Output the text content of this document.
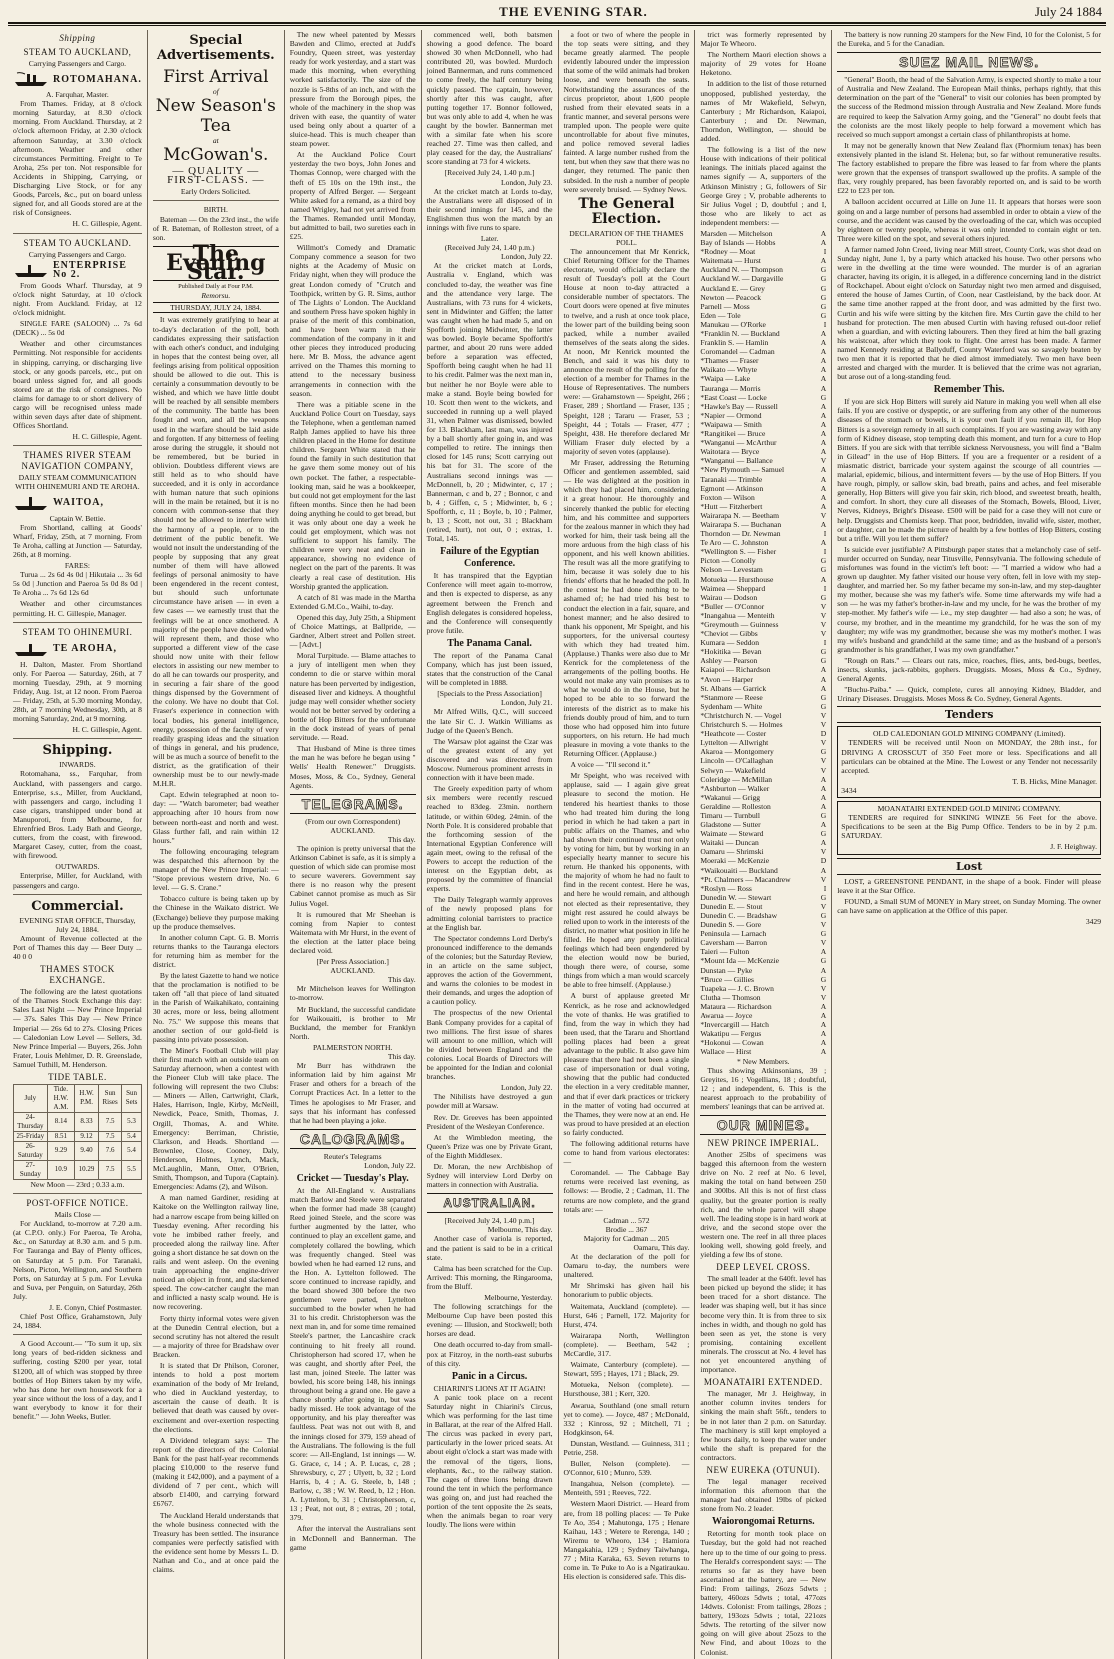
THE EVENING STAR.	July 24 1884
Shipping
STEAM TO AUCKLAND,
Carrying Passengers and Cargo.
ROTOMAHANA.
A. Farquhar, Master.

From Thames. Friday, at 8 o'clock morning Saturday, at 8.30 o'clock morning. From Auckland. Thursday, at 2 o'clock afternoon Friday, at 2.30 o'clock afternoon Saturday, at 3.30 o'clock afternoon. Weather and other circumstances Permitting. Freight to Te Aroha, 25s per ton. Not responsible for Accidents in Shipping, Carrying, or Discharging Live Stock, or for any Goods, Parcels, &c., put on board unless signed for, and all Goods stored are at the risk of Consignees.

H. C. Gillespie, Agent.
STEAM TO AUCKLAND.
Carrying Passengers and Cargo.
ENTERPRISE No 2.

From Goods Wharf. Thursday, at 9 o'clock night Saturday, at 10 o'clock night. From Auckland. Friday, at 12 o'clock midnight.

SINGLE FARE (SALOON) ... 7s 6d (DECK) ... 5s 0d

Weather and other circumstances Permitting. Not responsible for accidents in shipping, carrying, or discharging live stock, or any goods parcels, etc., put on board unless signed for, and all goods stored are at the risk of consignees. No claims for damage to or short delivery of cargo will be recognised unless made within seven days after date of shipment. Offices Shortland.

H. C. Gillespie, Agent.
THAMES RIVER STEAM NAVIGATION COMPANY,
DAILY STEAM COMMUNICATION WITH OHINEMURI AND TE AROHA.
WAITOA,
Captain W. Bettie.

From Shortland, calling at Goods' Wharf, Friday, 25th, at 7 morning. From Te Aroha, calling at Junction — Saturday, 26th, at 8 morning.

FARES:

Turua ... 2s 6d 4s 0d | Hikutaia ... 3s 6d 5s 0d | Junction and Paeroa 5s 0d 8s 0d | Te Aroha ... 7s 6d 12s 6d

Weather and other circumstances permitting. H. C. Gillespie, Manager.

STEAM TO OHINEMURI.
TE AROHA,

H. Dalton, Master. From Shortland only. For Paeroa — Saturday, 26th, at 7 morning Tuesday, 29th, at 9 morning Friday, Aug. 1st, at 12 noon. From Paeroa — Friday, 25th, at 5.30 morning Monday, 28th, at 7 morning Wednesday, 30th, at 8 morning Saturday, 2nd, at 9 morning.

H. C. Gillespie, Agent.
Shipping.
INWARDS.

Rotomahana, ss., Farquhar, from Auckland, with passengers and cargo. Enterprise, s.s., Miller, from Auckland, with passengers and cargo, including 1 case cigars, transhipped under bond at Manuporoti, from Melbourne, for Ehrenfried Bros. Lady Bath and George, cutters, from the coast, with firewood. Margaret Casey, cutter, from the coast, with firewood.

OUTWARDS.

Enterprise, Miller, for Auckland, with passengers and cargo.

Commercial.
EVENING STAR OFFICE, Thursday, July 24, 1884.

Amount of Revenue collected at the Port of Thames this day — Beer Duty ... 40 0 0

THAMES STOCK EXCHANGE.

The following are the latest quotations of the Thames Stock Exchange this day: Sales Last Night — New Prince Imperial — 37s. Sales This Day — New Prince Imperial — 26s 6d to 27s. Closing Prices — Caledonian Low Level — Sellers, 3d. New Prince Imperial — Buyers, 26s. John Frater, Louis Mehlmer, D. R. Greenslade, Samuel Tuthill, M. Henderson.

TIDE TABLE.
July	Tide. H.W. A.M.	H.W. P.M.	Sun Rises	Sun Sets
24-Thursday	8.14	8.33	7.5	5.3
25-Friday	8.51	9.12	7.5	5.4
26-Saturday	9.29	9.40	7.6	5.4
27-Sunday	10.9	10.29	7.5	5.5
New Moon — 23rd ; 0.33 a.m.
POST-OFFICE NOTICE.
Mails Close —

For Auckland, to-morrow at 7.20 a.m. (at C.P.O. only.) For Paeroa, Te Aroha, &c., on Saturday at 8.30 a.m. and 5 p.m. For Tauranga and Bay of Plenty offices, on Saturday at 5 p.m. For Taranaki, Nelson, Picton, Wellington, and Southern Ports, on Saturday at 5 p.m. For Levuka and Suva, per Penguin, on Saturday, 26th July.

J. E. Conyn, Chief Postmaster.

Chief Post Office, Grahamstown, July 24, 1884.

A Good Account.— "To sum it up, six long years of bed-ridden sickness and suffering, costing $200 per year, total $1200, all of which was stopped by three bottles of Hop Bitters taken by my wife, who has done her own housework for a year since without the loss of a day, and I want everybody to know it for their benefit." — John Weeks, Butler.

Special Advertisements.
First Arrival
of
New Season's Tea
at
McGowan's.
— QUALITY — FIRST-CLASS. —
Early Orders Solicited.
BIRTH.

Bateman — On the 23rd inst., the wife of R. Bateman, of Rolleston street, of a son.

The Evening Star.
Published Daily at Four P.M.
Remorsu.
THURSDAY, JULY 24, 1884.

It was extremely gratifying to hear at to-day's declaration of the poll, both candidates expressing their satisfaction with each other's conduct, and indulging in hopes that the contest being over, all feelings arising from political opposition should be allowed to die out. This is certainly a consummation devoutly to be wished, and which we have little doubt will be reached by all sensible members of the community. The battle has been fought and won, and all the weapons used in the warfare should be laid aside and forgotten. If any bitterness of feeling arose during the struggle, it should not be remembered, but be buried in oblivion. Doubtless different views are still held as to who should have succeeded, and it is only in accordance with human nature that such opinions will in the main be retained, but it is no concern with common-sense that they should not be allowed to interfere with the harmony of a people, or to the detriment of the public benefit. We would not insult the understanding of the people by supposing that any great number of them will have allowed feelings of personal animosity to have been engendered in the recent contest, but should such unfortunate circumstance have arisen — in even a few cases — we earnestly trust that the feelings will be at once smothered. A majority of the people have decided who will represent them, and those who supported a different view of the case should now unite with their fellow electors in assisting our new member to do all he can towards our prosperity, and in securing a fair share of the good things dispensed by the Government of the colony. We have no doubt that Col. Fraser's experience in connection with local bodies, his general intelligence, energy, possession of the faculty of very readily grasping ideas and the situation of things in general, and his prudence, will be as much a source of benefit to the district, as the gratification of their ownership must be to our newly-made M.H.R.

Capt. Edwin telegraphed at noon to-day: — "Watch barometer; bad weather approaching after 10 hours from now between north-east and north and west. Glass further fall, and rain within 12 hours."

The following encouraging telegram was despatched this afternoon by the manager of the New Prince Imperial: — "Stope previous western drive, No. 6 level. — G. S. Crane."

Tobacco culture is being taken up by the Chinese in the Waikato district. We (Exchange) believe they purpose making up the produce themselves.

In another column Capt. G. B. Morris returns thanks to the Tauranga electors for returning him as member for the district.

By the latest Gazette to hand we notice that the proclamation is notified to be taken off "all that piece of land situated in the Parish of Waikahikato, containing 30 acres, more or less, being allotment No. 75." We suppose this means that another section of our gold-field is passing into private possession.

The Miner's Football Club will play their first match with an outside team on Saturday afternoon, when a contest with the Pioneer Club will take place. The following will represent the two Clubs: — Miners — Allen, Cartwright, Clark, Hales, Harrison, Ingle, Kirby, McNeill, Newdick, Peace, Smith, Thomas, J. Orgill, Thomas, A. and White. Emergency: Berriman, Christie, Clarkson, and Heads. Shortland — Brownlee, Close, Cooney, Daly, Henderson, Holmes, Lynch, Mack, McLaughlin, Mann, Otter, O'Brien, Smith, Thompson, and Tupora (Captain). Emergencies: Adams (2), and Wilson.

A man named Gardiner, residing at Kaitoke on the Wellington railway line, had a narrow escape from being killed on Tuesday evening. After recording his vote he imbibed rather freely, and proceeded along the railway line. After going a short distance he sat down on the rails and went asleep. On the evening train approaching the engine-driver noticed an object in front, and slackened speed. The cow-catcher caught the man and inflicted a nasty scalp wound. He is now recovering.

Forty thirty informal votes were given at the Dunedin Central election, but a second scrutiny has not altered the result — a majority of three for Bradshaw over Bracken.

It is stated that Dr Philson, Coroner, intends to hold a post mortem examination of the body of Mr Ireland, who died in Auckland yesterday, to ascertain the cause of death. It is believed that death was caused by over-excitement and over-exertion respecting the elections.

A Dividend telegram says: — The report of the directors of the Colonial Bank for the past half-year recommends placing £10,000 to the reserve fund (making it £42,000), and a payment of a dividend of 7 per cent., which will absorb £1400, and carrying forward £6767.

The Auckland Herald understands that the whole business connected with the Treasury has been settled. The insurance companies were perfectly satisfied with the evidence sent home by Messrs L. D. Nathan and Co., and at once paid the claims.

The new wheel patented by Messrs Bawden and Climo, erected at Judd's Foundry, Queen street, was yesterday ready for work yesterday, and a start was made this morning, when everything worked satisfactorily. The size of the nozzle is 5-8ths of an inch, and with the pressure from the Borough pipes, the whole of the machinery in the shop was driven with ease, the quantity of water used being only about a quarter of a sluice-head. This is much cheaper than steam power.

At the Auckland Police Court yesterday the two boys, John Jones and Thomas Connop, were charged with the theft of £5 10s on the 19th inst., the property of Alfred Berger. — Sergeant White asked for a remand, as a third boy named Wrigley, had not yet arrived from the Thames. Remanded until Monday, but admitted to bail, two sureties each in £25.

Willmott's Comedy and Dramatic Company commence a season for two nights at the Academy of Music on Friday night, when they will produce the great London comedy of "Crutch and Toothpick, written by G. R. Sims, author of The Lights o' London. The Auckland and southern Press have spoken highly in praise of the merit of this combination, and have been warm in their commendation of the company in it and other pieces they introduced producing here. Mr B. Moss, the advance agent arrived on the Thames this morning to attend to the necessary business arrangements in connection with the season.

There was a pitiable scene in the Auckland Police Court on Tuesday, says the Telephone, when a gentleman named Ralph James applied to have his three children placed in the Home for destitute children. Sergeant White stated that he found the family in such destitution that he gave them some money out of his own pocket. The father, a respectable-looking man, said he was a bookkeeper, but could not get employment for the last fifteen months. Since then he had been doing anything he could to get bread, but it was only about one day a week he could get employment, which was not sufficient to support his family. The children were very neat and clean in appearance, showing no evidence of neglect on the part of the parents. It was clearly a real case of destitution. His Worship granted the application.

A catch of 81 was made in the Martha Extended G.M.Co., Waihi, to-day.

Opened this day, July 25th, a Shipment of Choice Mattings, at Ballpride, — Gardner, Albert street and Pollen street. — [Advt.]

Moral Turpitude. — Blame attaches to a jury of intelligent men when they condemn to die or starve within moral nature has been perverted by indigestion, diseased liver and kidneys. A thoughtful judge may well consider whether society would not be better served by ordering a bottle of Hop Bitters for the unfortunate in the dock instead of years of penal servitude. — Read.

That Husband of Mine is three times the man he was before he began using " Wells' Health Renewer." Druggists. Moses, Moss, & Co., Sydney, General Agents.

TELEGRAMS.
(From our own Correspondent)
AUCKLAND.
This day.

The opinion is pretty universal that the Atkinson Cabinet is safe, as it is simply a question of which side can promise most to secure waverers. Government say there is no reason why the present Cabinet cannot promise as much as Sir Julius Vogel.

It is rumoured that Mr Sheehan is coming from Napier to contest Waitemata with Mr Hurst, in the event of the election at the latter place being declared void.

[Per Press Association.]
AUCKLAND.
This day.

Mr Mitchelson leaves for Wellington to-morrow.

Mr Buckland, the successful candidate for Waikouaiti, is brother to Mr Buckland, the member for Franklyn North.

PALMERSTON NORTH.
This day.

Mr Burr has withdrawn the information laid by him against Mr Fraser and others for a breach of the Corrupt Practices Act. In a letter to the Times he apologises to Mr Fraser, and says that his informant has confessed that he had been playing a joke.

CALOGRAMS.
Reuter's Telegrams
London, July 22.
Cricket — Tuesday's Play.

At the All-England v. Australians match Barlow and Steele were separated when the former had made 38 (caught) Reed joined Steele, and the score was further augmented by the latter, who continued to play an excellent game, and completely collared the bowling, which was frequently changed. Steel was bowled when he had earned 12 runs, and the Hon. A. Lyttelton followed. The score continued to increase rapidly, and the board showed 300 before the two gentlemen were parted, Lyttelton succumbed to the bowler when he had 31 to his credit. Christopherson was the next man in, and for some time remained Steele's partner, the Lancashire crack continuing to hit freely all round. Christopherson had scored 17, when he was caught, and shortly after Peel, the last man, joined Steele. The latter was bowled, his score being 148, his innings throughout being a grand one. He gave a chance shortly after going in, but was badly missed. He took advantage of the opportunity, and his play thereafter was faultless. Peat was not out with 8, and the innings closed for 379, 159 ahead of the Australians. The following is the full score: — All-England, 1st innings — W. G. Grace, c, 14 ; A. P. Lucas, c, 28 ; Shrewsbury, c, 27 ; Ulyett, b, 32 ; Lord Harris, b, 4 ; A. G. Steele, b, 148 ; Barlow, c, 38 ; W. W. Reed, b, 12 ; Hon. A. Lyttelton, b, 31 ; Christopherson, c, 13 ; Peat, not out, 8 ; extras, 20 ; total, 379.

After the interval the Australians sent in McDonnell and Bannerman. The game

commenced well, both batsmen showing a good defence. The board showed 30 when McDonnell, who had contributed 20, was bowled. Murdoch joined Bannerman, and runs commenced to come freely, the half century being quickly passed. The captain, however, shortly after this was caught, after putting together 17. Bonnor followed, but was only able to add 4, when he was caught by the bowler. Bannerman met with a similar fate when his score reached 27. Time was then called, and play ceased for the day, the Australians' score standing at 73 for 4 wickets.

[Received July 24, 1.40 p.m.]
London, July 23.

At the cricket match at Lords to-day, the Australians were all disposed of in their second innings for 145, and the Englishmen thus won the match by an innings with five runs to spare.

Later.
(Received July 24, 1.40 p.m.)
London, July 22.

At the cricket match at Lords, Australia v. England, which was concluded to-day, the weather was fine and the attendance very large. The Australians, with 73 runs for 4 wickets, sent in Midwinter and Giffen; the latter was caught when he had made 5, and on Spofforth joining Midwinter, the latter was bowled. Boyle became Spofforth's partner, and about 20 runs were added before a separation was effected, Spofforth being caught when he had 11 to his credit. Palmer was the next man in, but neither he nor Boyle were able to make a stand. Boyle being bowled for 10. Scott then went to the wickets, and succeeded in running up a well played 31, when Palmer was dismissed, bowled for 13. Blackham, last man, was injured by a ball shortly after going in, and was compelled to retire. The innings then closed for 145 runs; Scott carrying out his bat for 31. The score of the Australians second innings was — McDonnell, b, 20 ; Midwinter, c, 17 ; Bannerman, c and b, 27 ; Bonnor, c and b, 4 ; Giffen, c, 5 ; Midwinter, b, 6 ; Spofforth, c, 11 ; Boyle, b, 10 ; Palmer, b, 13 ; Scott, not out, 31 ; Blackham (retired, hurt), not out, 0 ; extras, 1. Total, 145.

Failure of the Egyptian Conference.

It has transpired that the Egyptian Conference will meet again to-morrow, and then is expected to disperse, as any agreement between the French and English delegates is considered hopeless, and the Conference will consequently prove futile.

The Panama Canal.

The report of the Panama Canal Company, which has just been issued, states that the construction of the Canal will be completed in 1888.

[Specials to the Press Association]
London, July 21.

Mr Alfred Wills, Q.C., will succeed the late Sir C. J. Watkin Williams as Judge of the Queen's Bench.

The Warsaw plot against the Czar was of the greatest extent of any yet discovered and was directed from Moscow. Numerous prominent arrests in connection with it have been made.

The Greely expedition party of whom six members were recently rescued reached to 83deg. 23min. northern latitude, or within 60deg. 24min. of the North Pole. It is considered probable that the forthcoming session of the International Egyptian Conference will again meet, owing to the refusal of the Powers to accept the reduction of the interest on the Egyptian debt, as proposed by the committee of financial experts.

The Daily Telegraph warmly approves of the newly proposed plans for admitting colonial barristers to practice at the English bar.

The Spectator condemns Lord Derby's pronounced indifference to the demands of the colonies; but the Saturday Review, in an article on the same subject, approves the action of the Government, and warns the colonies to be modest in their demands, and urges the adoption of a caution policy.

The prospectus of the new Oriental Bank Company provides for a capital of two millions. The first issue of shares will amount to one million, which will be divided between England and the colonies. Local Boards of Directors will be appointed for the Indian and colonial branches.

London, July 22.

The Nihilists have destroyed a gun powder mill at Warsaw.

Rev. Dr. Greeves has been appointed President of the Wesleyan Conference.

At the Wimbledon meeting, the Queen's Prize was one by Private Grant, of the Eighth Middlesex.

Dr. Moran, the new Archbishop of Sydney will interview Lord Derby on matters in connection with Australia.

AUSTRALIAN.
[Received July 24, 1.40 p.m.]
Melbourne, This day.

Another case of variola is reported, and the patient is said to be in a critical state.

Calma has been scratched for the Cup. Arrived: This morning, the Ringarooma, from the Bluff.

Melbourne, Yesterday.

The following scratchings for the Melbourne Cup have been posted this evening: — Illusion, and Stockwell; both horses are dead.

One death occurred to-day from small-pox at Fitzroy, in the north-east suburbs of this city.

Panic in a Circus.
CHIARINI'S LIONS AT IT AGAIN!

A panic took place on a recent Saturday night in Chiarini's Circus, which was performing for the last time in Ballarat, at the rear of the Alfred Hall. The circus was packed in every part, particularly in the lower priced seats. At about eight o'clock a start was made with the removal of the tigers, lions, elephants, &c., to the railway station. The cages of three lions being drawn round the tent in which the performance was going on, and just had reached the portion of the tent opposite the 2s seats, when the animals began to roar very loudly. The lions were within

a foot or two of where the people in the top seats were sitting, and they became greatly alarmed. The people evidently laboured under the impression that some of the wild animals had broken loose, and were beneath the seats. Notwithstanding the assurances of the circus proprietor, about 1,600 people rushed from their elevated seats in a frantic manner, and several persons were trampled upon. The people were quite uncontrollable for about five minutes, and police removed several ladies fainted. A large number rushed from the tent, but when they saw that there was no danger, they returned. The panic then subsided. In the rush a number of people were severely bruised. — Sydney News.

The General Election.
DECLARATION OF THE THAMES POLL.

The announcement that Mr Kenrick, Chief Returning Officer for the Thames electorate, would officially declare the result of Tuesday's poll at the Court House at noon to-day attracted a considerable number of spectators. The Court doors were opened at five minutes to twelve, and a rush at once took place, the lower part of the building being soon packed, while a number availed themselves of the seats along the sides. At noon, Mr Kenrick mounted the Bench, and said it was his duty to announce the result of the polling for the election of a member for Thames in the House of Representatives. The numbers were: — Grahamstown — Speight, 266 ; Fraser, 289 ; Shortland — Fraser, 135 ; Speight, 128 ; Tararu — Fraser, 53 ; Speight, 44 ; Totals — Fraser, 477 ; Speight, 438. He therefore declared Mr William Fraser duly elected by a majority of seven votes (applause).

Mr Fraser, addressing the Returning Officer and gentlemen assembled, said — He was delighted at the position in which they had placed him, considering it a great honour. He thoroughly and sincerely thanked the public for electing him, and his committee and supporters for the zealous manner in which they had worked for him, their task being all the more arduous from the high class of his opponent, and his well known abilities. The result was all the more gratifying to him, because it was solely due to his friends' efforts that he headed the poll. In the contest he had done nothing to be ashamed of; he had tried his best to conduct the election in a fair, square, and honest manner; and he also desired to thank his opponent, Mr Speight, and his supporters, for the universal courtesy with which they had treated him. (Applause.) Thanks were also due to Mr Kenrick for the completeness of the arrangements of the polling booths. He would not make any vain promises as to what he would do in the House, but he hoped to be able to so forward the interests of the district as to make his friends doubly proud of him, and to turn those who had opposed him into future supporters, on his return. He had much pleasure in moving a vote thanks to the Returning Officer. (Applause.)

A voice — "I'll second it."

Mr Speight, who was received with applause, said — I again give great pleasure to second the motion. He tendered his heartiest thanks to those who had treated him during the long period in which he had taken a part in public affairs on the Thames, and who had shown their continued trust not only by voting for him, but by working in an especially hearty manner to secure his return. He thanked his opponents, with the majority of whom he had no fault to find in the recent contest. Here he was, and here he would remain, and although not elected as their representative, they might rest assured he could always be relied upon to work in the interests of the district, no matter what position in life he filled. He hoped any purely political feelings which had been engendered by the election would now be buried, though there were, of course, some things from which a man would scarcely be able to free himself. (Applause.)

A burst of applause greeted Mr Kenrick, as he rose and acknowledged the vote of thanks. He was gratified to find, from the way in which they had been used, that the Tararu and Shortland polling places had been a great advantage to the public. It also gave him pleasure that there had not been a single case of impersonation or dual voting, showing that the public had conducted the election in a very creditable manner, and that if ever dark practices or trickery in the matter of voting had occurred at the Thames, they were now at an end. He was proud to have presided at an election so fairly conducted.

The following additional returns have come to hand from various electorates: —

Coromandel. — The Cabbage Bay returns were received last evening, as follows: — Brodie, 2 ; Cadman, 11. The returns are now complete, and the grand totals are: —

Cadman ... 572
Brodie ... 367
Majority for Cadman ... 205
Oamaru, This day.

At the declaration of the poll for Oamaru to-day, the numbers were unaltered.

Mr Shrimski has given hail his honorarium to public objects.

Waitemata, Auckland (complete). — Hurst, 646 ; Parnell, 172. Majority for Hurst, 474.

Wairarapa North, Wellington (complete). — Beetham, 542 ; McCardle, 317.

Waimate, Canterbury (complete). — Stewart, 595 ; Hayes, 171 ; Black, 29.

Motueka, Nelson (complete). — Hursthouse, 381 ; Kerr, 320.

Awarua, Southland (one small return yet to come). — Joyce, 487 ; McDonald, 332 ; Kinross, 92 ; Mitchell, 71 ; Hodgkinson, 64.

Dunstan, Westland. — Guinness, 311 ; Petrie, 258.

Buller, Nelson (complete). — O'Connor, 610 ; Munro, 539.

Inangahua, Nelson (complete). — Menteith, 591 ; Reeves, 722.

Western Maori District. — Heard from are, from 18 polling places: — Te Puke Te Ao, 354 ; Mahutonga, 175 ; Henare Kaihau, 143 ; Wetere te Rerenga, 140 ; Wiremu te Wheoro, 134 ; Hamiora Mangakahia, 129 ; Sydney Taiwhanga, 77 ; Mita Karaka, 63. Seven returns to come in. Te Puke to Ao is a Ngatiraukau. His election is considered safe. This dis-

trict was formerly represented by Major Te Wheoro.

The Northern Maori election shows a majority of 29 votes for Hoane Heketono.

In addition to the list of those returned unopposed, published yesterday, the names of Mr Wakefield, Selwyn, Canterbury ; Mr Richardson, Kaiapoi, Canterbury ; and Dr. Newman, Thorndon, Wellington, — should be added.

The following is a list of the new House with indications of their political leanings. The initials placed against the names signify — A, supporters of the Atkinson Ministry ; G, followers of Sir George Grey ; V, probable adherents to Sir Julius Vogel ; D, doubtful ; and I, those who are likely to act as independent members: —

Marsden — Mitchelson	A
Bay of Islands — Hobbs	A
*Rodney — Moat	I
Waitemata — Hurst	A
Auckland N. — Thompson	G
Auckland W. — Dargaville	G
Auckland E. — Grey	G
Newton — Peacock	G
Parnell — Moss	G
Eden — Tole	G
Manukau — O'Rorke	I
*Franklin N. — Buckland	A
Franklin S. — Hamlin	A
Coromandel — Cadman	A
*Thames — Fraser	A
Waikato — Whyte	A
*Waipa — Lake	A
Tauranga — Morris	A
*East Coast — Locke	G
*Hawke's Bay — Russell	A
*Napier — Ormond	A
*Waipawa — Smith	A
*Rangitikei — Bruce	A
*Wanganui — McArthur	A
Waitotara — Bryce	A
*Wanganui — Ballance	V
*New Plymouth — Samuel	A
Taranaki — Trimble	A
Egmont — Atkinson	A
Foxton — Wilson	A
*Hutt — Fitzherbert	A
Wairarapa N. — Beetham	V
Wairarapa S. — Buchanan	A
Thorndon — Dr. Newman	I
Te Aro — C. Johnston	A
*Wellington S. — Fisher	I
Picton — Conolly	G
Nelson — Levestam	G
Motueka — Hursthouse	A
Waimea — Sheppard	I
Wairau — Dodson	G
*Buller — O'Connor	V
*Inangahua — Menteith	V
*Greymouth — Guinness	V
*Cheviot — Gibbs	V
Kumara — Seddon	I
*Hokitika — Bevan	G
Ashley — Pearson	G
Kaiapoi — Richardson	A
*Avon — Harper	A
St. Albans — Garrick	A
*Stanmore — Reese	G
Sydenham — White	G
*Christchurch N. — Vogel	V
Christchurch S. — Holmes	V
*Heathcote — Coster	D
Lyttelton — Allwright	V
Akaroa — Montgomery	G
Lincoln — O'Callaghan	V
Selwyn — Wakefield	V
Coleridge — McMillan	A
*Ashburton — Walker	A
*Wakanui — Grigg	A
Geraldine — Rolleston	A
Timaru — Turnbull	G
Gladstone — Sutter	A
Waimate — Steward	G
Waitaki — Duncan	A
Oamaru — Shrimski	V
Moeraki — McKenzie	D
*Waikouaiti — Buckland	A
*Pt. Chalmers — Macandrew	V
*Roslyn — Ross	I
Dunedin W. — Stewart	G
Dunedin E. — Stout	V
Dunedin C. — Bradshaw	G
Dunedin S. — Gore	V
Peninsula — Larnach	G
Caversham — Barron	V
Taieri — Fulton	A
*Mount Ida — McKenzie	G
Dunstan — Pyke	A
*Bruce — Gillies	G
Tuapeka — J. C. Brown	V
Clutha — Thomson	V
Mataura — Richardson	A
Awarua — Joyce	A
*Invercargill — Hatch	A
Wakatipu — Fergus	A
*Hokonui — Cowan	A
Wallace — Hirst	A
* New Members.

Thus showing Atkinsonians, 39 ; Greyites, 16 ; Vogellians, 18 ; doubtful, 12 ; and independent, 6. This is the nearest approach to the probability of members' leanings that can be arrived at.

OUR MINES.
NEW PRINCE IMPERIAL.

Another 25lbs of specimens was bagged this afternoon from the western drive on No. 2 reef at No. 6 level, making the total on hand between 250 and 300lbs. All this is not of first class quality, but the greater portion is really rich, and the whole parcel will shape well. The leading stope is in hard work at drive, and the second stope over the western one. The reef in all three places looking well, showing gold freely, and yielding a few lbs of stone.

DEEP LEVEL CROSS.

The small leader at the 640ft. level has been picked up beyond the slide; it has been traced for a short distance. The leader was shaping well, but it has since become very thin. It is from three to six inches in width, and though no gold has been seen as yet, the stone is very promising, containing excellent minerals. The crosscut at No. 4 level has not yet encountered anything of importance.

MOANATAIRI EXTENDED.

The manager, Mr J. Heighway, in another column invites tenders for sinking the main shaft 56ft., tenders to be in not later than 2 p.m. on Saturday. The machinery is still kept employed a few hours daily, to keep the water under while the shaft is prepared for the contractors.

NEW EUREKA (OTUNUI).

The legal manager received information this afternoon that the manager had obtained 19lbs of picked stone from No. 2 leader.

Waiorongomai Returns.

Retorting for month took place on Tuesday, but the gold had not reached here up to the time of our going to press. The Herald's correspondent says: — The returns so far as they have been ascertained at the battery, are — New Find: From tailings, 26ozs 5dwts ; battery, 460ozs 5dwts ; total, 477ozs 14dwts. Colonist: From tailings, 28ozs ; battery, 193ozs 5dwts ; total, 221ozs 5dwts. The retorting of the silver now going on will give about 25ozs to the New Find, and about 10ozs to the Colonist.

The battery is now running 20 stampers for the New Find, 10 for the Colonist, 5 for the Eureka, and 5 for the Canadian.

SUEZ MAIL NEWS.

"General" Booth, the head of the Salvation Army, is expected shortly to make a tour of Australia and New Zealand. The European Mail thinks, perhaps rightly, that this determination on the part of the "General" to visit our colonies has been prompted by the success of the Redmond mission through Australia and New Zealand. More funds are required to keep the Salvation Army going, and the "General" no doubt feels that the colonists are the most likely people to help forward a movement which has received so much support amongst a certain class of philanthropists at home.

It may not be generally known that New Zealand flax (Phormium tenax) has been extensively planted in the island St. Helena; but, so far without remunerative results. The factory established to prepare the fibre was leased to far from where the plants were grown that the expenses of transport swallowed up the profits. A sample of the flax, very roughly prepared, has been favorably reported on, and is said to be worth £22 to £23 per ton.

A balloon accident occurred at Lille on June 11. It appears that horses were soon going on and a large number of persons had assembled in order to obtain a view of the course, and the accident was caused by the overloading of the car, which was occupied by eighteen or twenty people, whereas it was only intended to contain eight or ten. Three were killed on the spot, and several others injured.

A farmer named John Creed, living near Mill street, County Cork, was shot dead on Sunday night, June 1, by a party which attacked his house. Two other persons who were in the dwelling at the time were wounded. The murder is of an agrarian character, having its origin, it is alleged, in a difference concerning land in the district of Rockchapel. About eight o'clock on Saturday night two men armed and disguised, entered the house of James Curtin, of Coon, near Castleisland, by the back door. At the same time another rapped at the front door, and was admitted by the first two. Curtin and his wife were sitting by the kitchen fire. Mrs Curtin gave the child to her husband for protection. The men abused Curtin with having refused out-door relief when a guardian, and with evicting labourers. Then they fired at him the ball grazing his waistcoat, after which they took to flight. One arrest has been made. A farmer named Kennedy residing at Ballyduff, County Waterford was so savagely beaten by two men that it is reported that he died almost immediately. Two men have been arrested and charged with the murder. It is believed that the crime was not agrarian, but arose out of a long-standing feud.

Remember This.

If you are sick Hop Bitters will surely aid Nature in making you well when all else fails. If you are costive or dyspeptic, or are suffering from any other of the numerous diseases of the stomach or bowels, it is your own fault if you remain ill, for Hop Bitters is a sovereign remedy in all such complaints. If you are wasting away with any form of Kidney disease, stop tempting death this moment, and turn for a cure to Hop Bitters. If you are sick with that terrible sickness Nervousness, you will find a "Balm in Gilead" in the use of Hop Bitters. If you are a frequenter or a resident of a miasmatic district, barricade your system against the scourge of all countries — malarial, epidemic, bilious, and intermittent fevers — by the use of Hop Bitters. If you have rough, pimply, or sallow skin, bad breath, pains and aches, and feel miserable generally, Hop Bitters will give you fair skin, rich blood, and sweetest breath, health, and comfort. In short, they cure all diseases of the Stomach, Bowels, Blood, Liver, Nerves, Kidneys, Bright's Disease. £500 will be paid for a case they will not cure or help. Druggists and Chemists keep. That poor, bedridden, invalid wife, sister, mother, or daughter, can be made the picture of health by a few bottles of Hop Bitters, costing but a trifle. Will you let them suffer?

Is suicide ever justifiable? A Pittsburgh paper states that a melancholy case of self-murder occurred on Sunday, near Titusville, Pennsylvania. The following schedule of misfortunes was found in the victim's left boot: — "I married a widow who had a grown up daughter. My father visited our house very often, fell in love with my step-daughter, and married her. So my father became my son-in-law, and my step-daughter my mother, because she was my father's wife. Some time afterwards my wife had a son — he was my father's brother-in-law and my uncle, for he was the brother of my step-mother. My father's wife — i.e., my step daughter — had also a son; he was, of course, my brother, and in the meantime my grandchild, for he was the son of my daughter; my wife was my grandmother, because she was my mother's mother. I was my wife's husband and grandchild at the same time; and as the husband of a person's grandmother is his grandfather, I was my own grandfather."

"Rough on Rats." — Clears out rats, mice, roaches, flies, ants, bed-bugs, beetles, insects, skunks, jack-rabbits, gophers. Druggists. Moses, Moss & Co., Sydney, General Agents.

"Buchu-Paiba." — Quick, complete, cures all annoying Kidney, Bladder, and Urinary Diseases. Druggists. Moses Moss & Co. Sydney, General Agents.

Tenders
OLD CALEDONIAN GOLD MINING COMPANY (Limited).

TENDERS will be received until Noon on MONDAY, the 28th inst., for DRIVING A CROSSCUT of 350 Feet more or less. Specifications and all particulars can be obtained at the Mine. The Lowest or any Tender not necessarily accepted.

T. B. Hicks, Mine Manager.
3434
MOANATAIRI EXTENDED GOLD MINING COMPANY.

TENDERS are required for SINKING WINZE 56 Feet for the above. Specifications to be seen at the Big Pump Office. Tenders to be in by 2 p.m. SATURDAY.

J. F. Heighway.
Lost

LOST, a GREENSTONE PENDANT, in the shape of a book. Finder will please leave it at the Star Office.

FOUND, a Small SUM of MONEY in Mary street, on Sunday Morning. The owner can have same on application at the Office of this paper.

3429
